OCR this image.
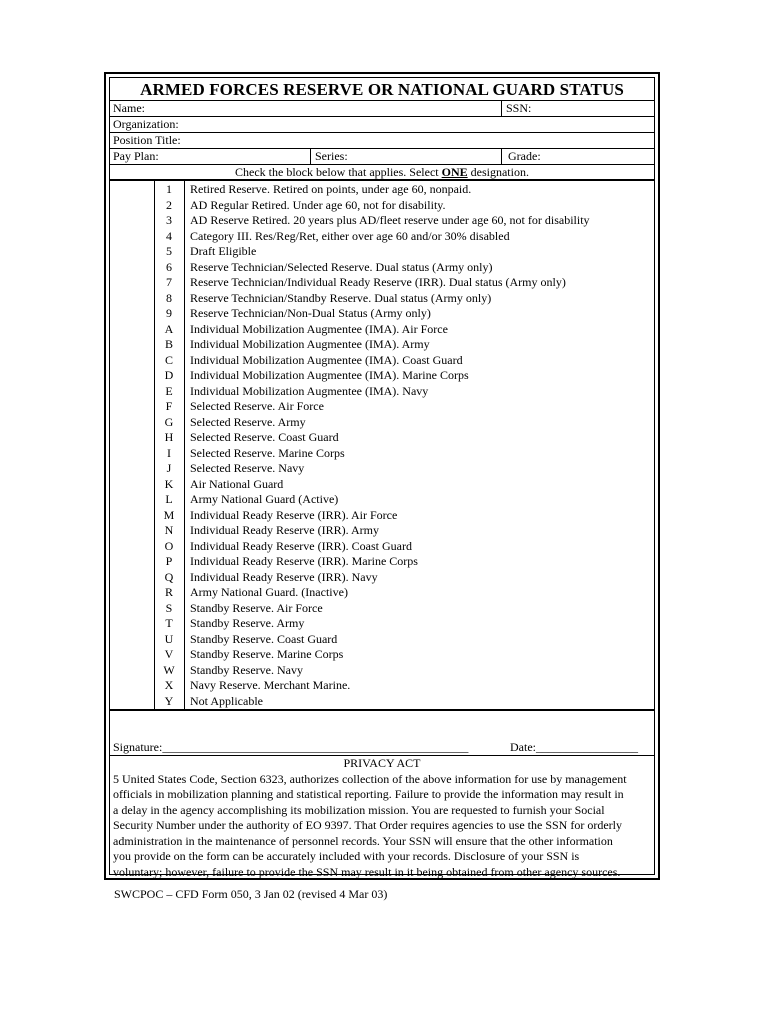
ARMED FORCES RESERVE OR NATIONAL GUARD STATUS
Name:	SSN:
Organization:
Position Title:
Pay Plan:	Series:	Grade:
Check the block below that applies. Select ONE designation.
1	Retired Reserve. Retired on points, under age 60, nonpaid.
2	AD Regular Retired. Under age 60, not for disability.
3	AD Reserve Retired. 20 years plus AD/fleet reserve under age 60, not for disability
4	Category III. Res/Reg/Ret, either over age 60 and/or 30% disabled
5	Draft Eligible
6	Reserve Technician/Selected Reserve. Dual status (Army only)
7	Reserve Technician/Individual Ready Reserve (IRR). Dual status (Army only)
8	Reserve Technician/Standby Reserve. Dual status (Army only)
9	Reserve Technician/Non-Dual Status (Army only)
A	Individual Mobilization Augmentee (IMA). Air Force
B	Individual Mobilization Augmentee (IMA). Army
C	Individual Mobilization Augmentee (IMA). Coast Guard
D	Individual Mobilization Augmentee (IMA). Marine Corps
E	Individual Mobilization Augmentee (IMA). Navy
F	Selected Reserve. Air Force
G	Selected Reserve. Army
H	Selected Reserve. Coast Guard
I	Selected Reserve. Marine Corps
J	Selected Reserve. Navy
K	Air National Guard
L	Army National Guard (Active)
M	Individual Ready Reserve (IRR). Air Force
N	Individual Ready Reserve (IRR). Army
O	Individual Ready Reserve (IRR). Coast Guard
P	Individual Ready Reserve (IRR). Marine Corps
Q	Individual Ready Reserve (IRR). Navy
R	Army National Guard. (Inactive)
S	Standby Reserve. Air Force
T	Standby Reserve. Army
U	Standby Reserve. Coast Guard
V	Standby Reserve. Marine Corps
W	Standby Reserve. Navy
X	Navy Reserve. Merchant Marine.
Y	Not Applicable
Signature:___________________________________________________	Date:_________________
PRIVACY ACT
5 United States Code, Section 6323, authorizes collection of the above information for use by management
officials in mobilization planning and statistical reporting. Failure to provide the information may result in
a delay in the agency accomplishing its mobilization mission. You are requested to furnish your Social
Security Number under the authority of EO 9397. That Order requires agencies to use the SSN for orderly
administration in the maintenance of personnel records. Your SSN will ensure that the other information
you provide on the form can be accurately included with your records. Disclosure of your SSN is
voluntary; however, failure to provide the SSN may result in it being obtained from other agency sources.
SWCPOC – CFD Form 050, 3 Jan 02 (revised 4 Mar 03)
